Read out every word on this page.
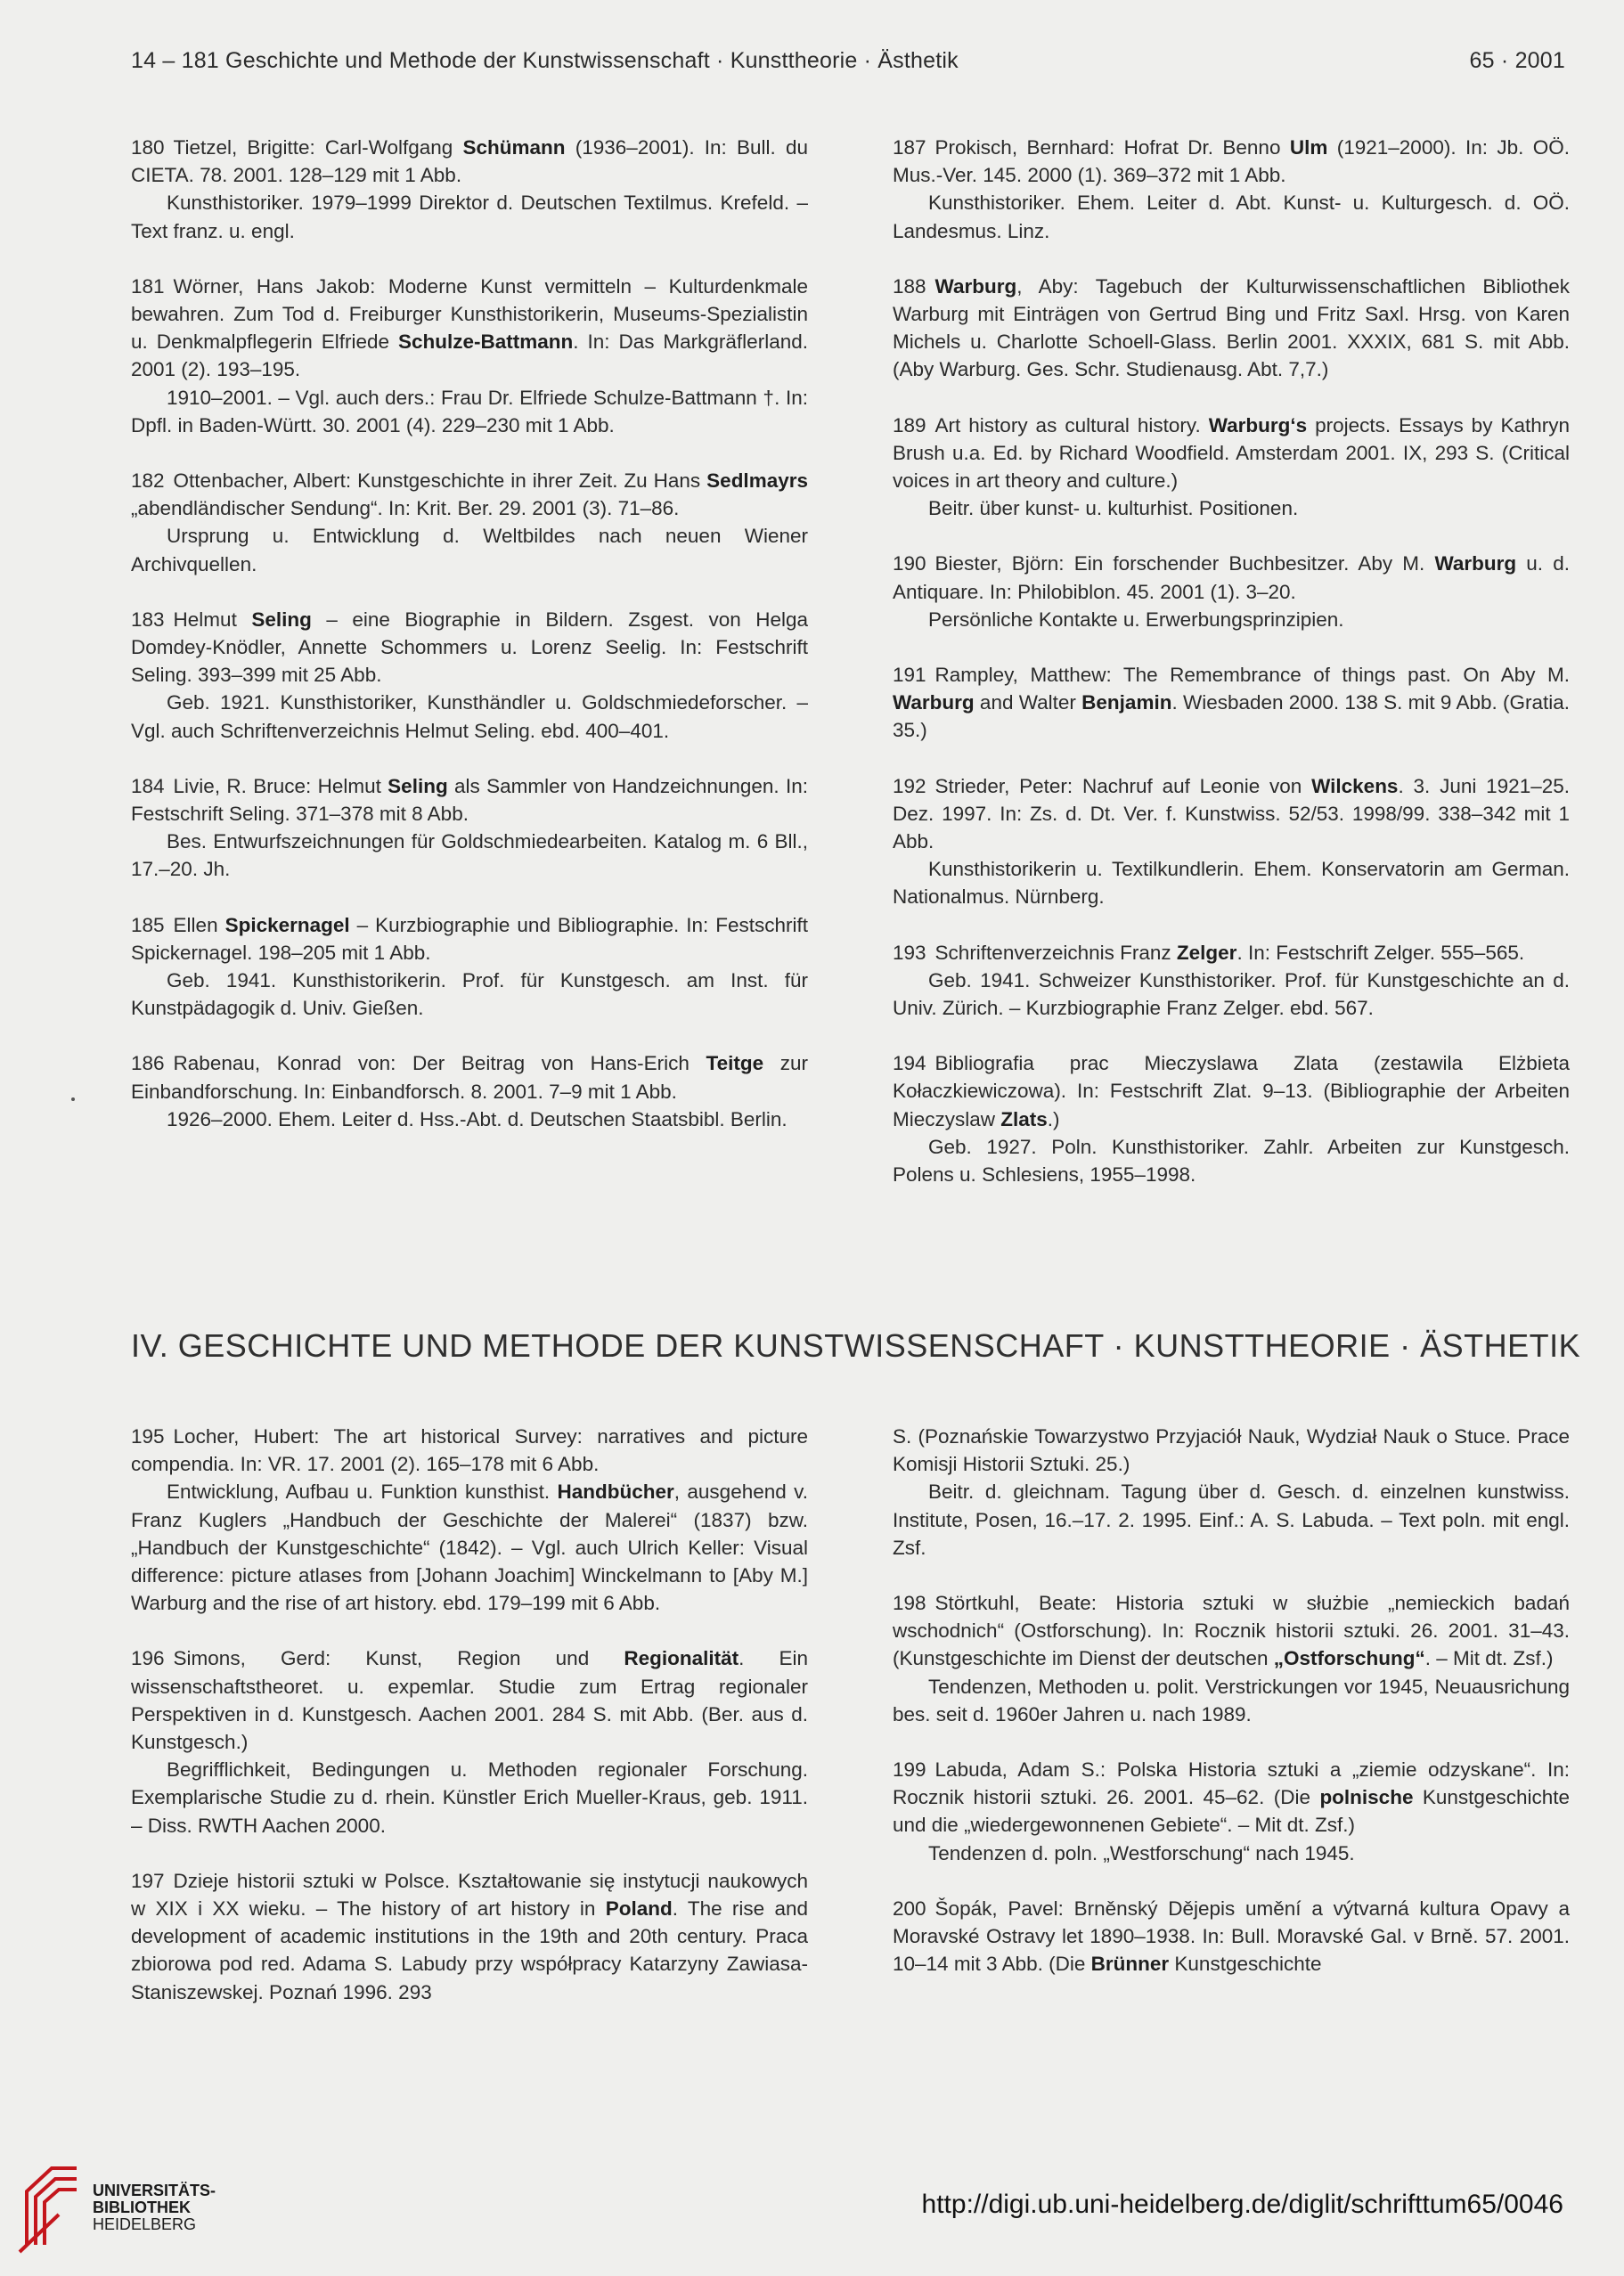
14 – 181 Geschichte und Methode der Kunstwissenschaft · Kunsttheorie · Ästhetik	65 · 2001

180 Tietzel, Brigitte: Carl-Wolfgang Schümann (1936–2001). In: Bull. du CIETA. 78. 2001. 128–129 mit 1 Abb.

Kunsthistoriker. 1979–1999 Direktor d. Deutschen Textilmus. Krefeld. – Text franz. u. engl.

181 Wörner, Hans Jakob: Moderne Kunst vermitteln – Kulturdenkmale bewahren. Zum Tod d. Freiburger Kunsthistorikerin, Museums-Spezialistin u. Denkmalpflegerin Elfriede Schulze-Battmann. In: Das Markgräflerland. 2001 (2). 193–195.

1910–2001. – Vgl. auch ders.: Frau Dr. Elfriede Schulze-Battmann †. In: Dpfl. in Baden-Württ. 30. 2001 (4). 229–230 mit 1 Abb.

182 Ottenbacher, Albert: Kunstgeschichte in ihrer Zeit. Zu Hans Sedlmayrs „abendländischer Sendung“. In: Krit. Ber. 29. 2001 (3). 71–86.

Ursprung u. Entwicklung d. Weltbildes nach neuen Wiener Archivquellen.

183 Helmut Seling – eine Biographie in Bildern. Zsgest. von Helga Domdey-Knödler, Annette Schommers u. Lorenz Seelig. In: Festschrift Seling. 393–399 mit 25 Abb.

Geb. 1921. Kunsthistoriker, Kunsthändler u. Goldschmiedeforscher. – Vgl. auch Schriftenverzeichnis Helmut Seling. ebd. 400–401.

184 Livie, R. Bruce: Helmut Seling als Sammler von Handzeichnungen. In: Festschrift Seling. 371–378 mit 8 Abb.

Bes. Entwurfszeichnungen für Goldschmiedearbeiten. Katalog m. 6 Bll., 17.–20. Jh.

185 Ellen Spickernagel – Kurzbiographie und Bibliographie. In: Festschrift Spickernagel. 198–205 mit 1 Abb.

Geb. 1941. Kunsthistorikerin. Prof. für Kunstgesch. am Inst. für Kunstpädagogik d. Univ. Gießen.

186 Rabenau, Konrad von: Der Beitrag von Hans-Erich Teitge zur Einbandforschung. In: Einbandforsch. 8. 2001. 7–9 mit 1 Abb.

1926–2000. Ehem. Leiter d. Hss.-Abt. d. Deutschen Staatsbibl. Berlin.

187 Prokisch, Bernhard: Hofrat Dr. Benno Ulm (1921–2000). In: Jb. OÖ. Mus.-Ver. 145. 2000 (1). 369–372 mit 1 Abb.

Kunsthistoriker. Ehem. Leiter d. Abt. Kunst- u. Kulturgesch. d. OÖ. Landesmus. Linz.

188 Warburg, Aby: Tagebuch der Kulturwissenschaftlichen Bibliothek Warburg mit Einträgen von Gertrud Bing und Fritz Saxl. Hrsg. von Karen Michels u. Charlotte Schoell-Glass. Berlin 2001. XXXIX, 681 S. mit Abb. (Aby Warburg. Ges. Schr. Studienausg. Abt. 7,7.)

189 Art history as cultural history. Warburg‘s projects. Essays by Kathryn Brush u.a. Ed. by Richard Woodfield. Amsterdam 2001. IX, 293 S. (Critical voices in art theory and culture.)

Beitr. über kunst- u. kulturhist. Positionen.

190 Biester, Björn: Ein forschender Buchbesitzer. Aby M. Warburg u. d. Antiquare. In: Philobiblon. 45. 2001 (1). 3–20.

Persönliche Kontakte u. Erwerbungsprinzipien.

191 Rampley, Matthew: The Remembrance of things past. On Aby M. Warburg and Walter Benjamin. Wiesbaden 2000. 138 S. mit 9 Abb. (Gratia. 35.)

192 Strieder, Peter: Nachruf auf Leonie von Wilckens. 3. Juni 1921–25. Dez. 1997. In: Zs. d. Dt. Ver. f. Kunstwiss. 52/53. 1998/99. 338–342 mit 1 Abb.

Kunsthistorikerin u. Textilkundlerin. Ehem. Konservatorin am German. Nationalmus. Nürnberg.

193 Schriftenverzeichnis Franz Zelger. In: Festschrift Zelger. 555–565.

Geb. 1941. Schweizer Kunsthistoriker. Prof. für Kunstgeschichte an d. Univ. Zürich. – Kurzbiographie Franz Zelger. ebd. 567.

194 Bibliografia prac Mieczyslawa Zlata (zestawila Elżbieta Kołaczkiewiczowa). In: Festschrift Zlat. 9–13. (Bibliographie der Arbeiten Mieczyslaw Zlats.)

Geb. 1927. Poln. Kunsthistoriker. Zahlr. Arbeiten zur Kunstgesch. Polens u. Schlesiens, 1955–1998.

IV. GESCHICHTE UND METHODE DER KUNSTWISSENSCHAFT · KUNSTTHEORIE · ÄSTHETIK

195 Locher, Hubert: The art historical Survey: narratives and picture compendia. In: VR. 17. 2001 (2). 165–178 mit 6 Abb.

Entwicklung, Aufbau u. Funktion kunsthist. Handbücher, ausgehend v. Franz Kuglers „Handbuch der Geschichte der Malerei“ (1837) bzw. „Handbuch der Kunstgeschichte“ (1842). – Vgl. auch Ulrich Keller: Visual difference: picture atlases from [Johann Joachim] Winckelmann to [Aby M.] Warburg and the rise of art history. ebd. 179–199 mit 6 Abb.

196 Simons, Gerd: Kunst, Region und Regionalität. Ein wissenschaftstheoret. u. expemlar. Studie zum Ertrag regionaler Perspektiven in d. Kunstgesch. Aachen 2001. 284 S. mit Abb. (Ber. aus d. Kunstgesch.)

Begrifflichkeit, Bedingungen u. Methoden regionaler Forschung. Exemplarische Studie zu d. rhein. Künstler Erich Mueller-Kraus, geb. 1911. – Diss. RWTH Aachen 2000.

197 Dzieje historii sztuki w Polsce. Kształtowanie się instytucji naukowych w XIX i XX wieku. – The history of art history in Poland. The rise and development of academic institutions in the 19th and 20th century. Praca zbiorowa pod red. Adama S. Labudy przy współpracy Katarzyny Zawiasa-Staniszewskej. Poznań 1996. 293

S. (Poznańskie Towarzystwo Przyjaciół Nauk, Wydział Nauk o Stuce. Prace Komisji Historii Sztuki. 25.)

Beitr. d. gleichnam. Tagung über d. Gesch. d. einzelnen kunstwiss. Institute, Posen, 16.–17. 2. 1995. Einf.: A. S. Labuda. – Text poln. mit engl. Zsf.

198 Störtkuhl, Beate: Historia sztuki w służbie „nemieckich badań wschodnich“ (Ostforschung). In: Rocznik historii sztuki. 26. 2001. 31–43. (Kunstgeschichte im Dienst der deutschen „Ostforschung“. – Mit dt. Zsf.)

Tendenzen, Methoden u. polit. Verstrickungen vor 1945, Neuausrichung bes. seit d. 1960er Jahren u. nach 1989.

199 Labuda, Adam S.: Polska Historia sztuki a „ziemie odzyskane“. In: Rocznik historii sztuki. 26. 2001. 45–62. (Die polnische Kunstgeschichte und die „wiedergewonnenen Gebiete“. – Mit dt. Zsf.)

Tendenzen d. poln. „Westforschung“ nach 1945.

200 Šopák, Pavel: Brněnský Dějepis umění a výtvarná kultura Opavy a Moravské Ostravy let 1890–1938. In: Bull. Moravské Gal. v Brně. 57. 2001. 10–14 mit 3 Abb. (Die Brünner Kunstgeschichte

UNIVERSITÄTS-
BIBLIOTHEK
HEIDELBERG
http://digi.ub.uni-heidelberg.de/diglit/schrifttum65/0046
